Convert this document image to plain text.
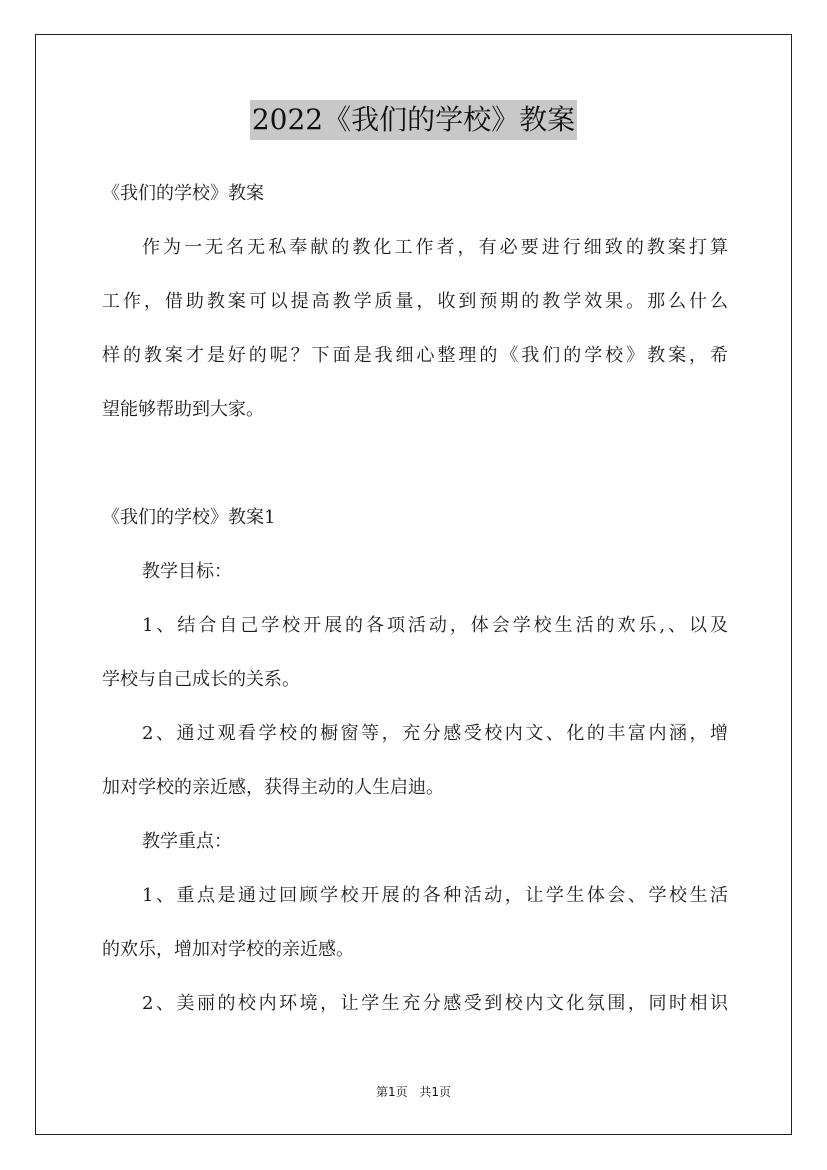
2022《我们的学校》教案
《我们的学校》教案
作为一无名无私奉献的教化工作者，有必要进行细致的教案打算
工作，借助教案可以提高教学质量，收到预期的教学效果。那么什么
样的教案才是好的呢？下面是我细心整理的《我们的学校》教案，希
望能够帮助到大家。
《我们的学校》教案1
教学目标：
1、结合自己学校开展的各项活动，体会学校生活的欢乐,、以及
学校与自己成长的关系。
2、通过观看学校的橱窗等，充分感受校内文、化的丰富内涵，增
加对学校的亲近感，获得主动的人生启迪。
教学重点：
1、重点是通过回顾学校开展的各种活动，让学生体会、学校生活
的欢乐，增加对学校的亲近感。
2、美丽的校内环境，让学生充分感受到校内文化氛围，同时相识
第1页 共1页
